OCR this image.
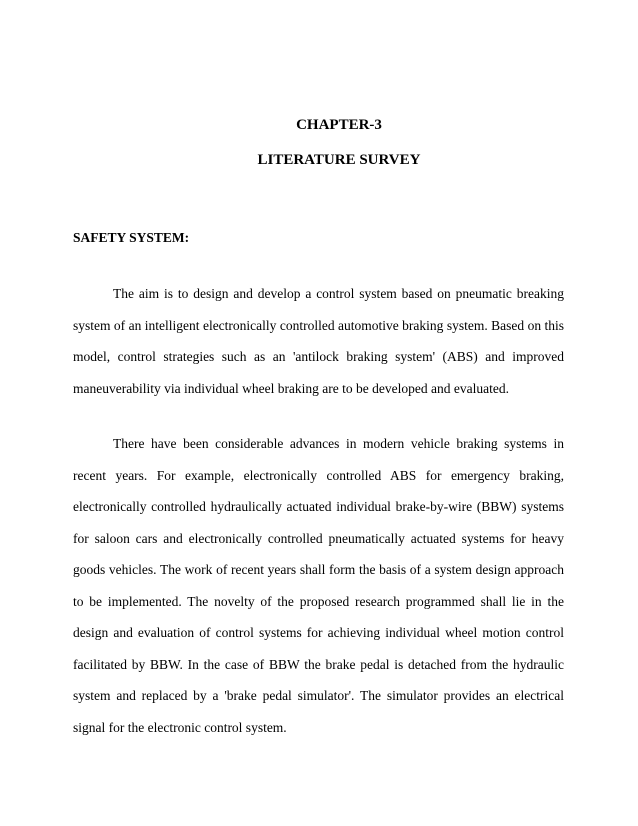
CHAPTER-3
LITERATURE SURVEY
SAFETY SYSTEM:

The aim is to design and develop a control system based on pneumatic breaking system of an intelligent electronically controlled automotive braking system. Based on this model, control strategies such as an 'antilock braking system' (ABS) and improved maneuverability via individual wheel braking are to be developed and evaluated.

There have been considerable advances in modern vehicle braking systems in recent years. For example, electronically controlled ABS for emergency braking, electronically controlled hydraulically actuated individual brake-by-wire (BBW) systems for saloon cars and electronically controlled pneumatically actuated systems for heavy goods vehicles. The work of recent years shall form the basis of a system design approach to be implemented. The novelty of the proposed research programmed shall lie in the design and evaluation of control systems for achieving individual wheel motion control facilitated by BBW. In the case of BBW the brake pedal is detached from the hydraulic system and replaced by a 'brake pedal simulator'. The simulator provides an electrical signal for the electronic control system.
